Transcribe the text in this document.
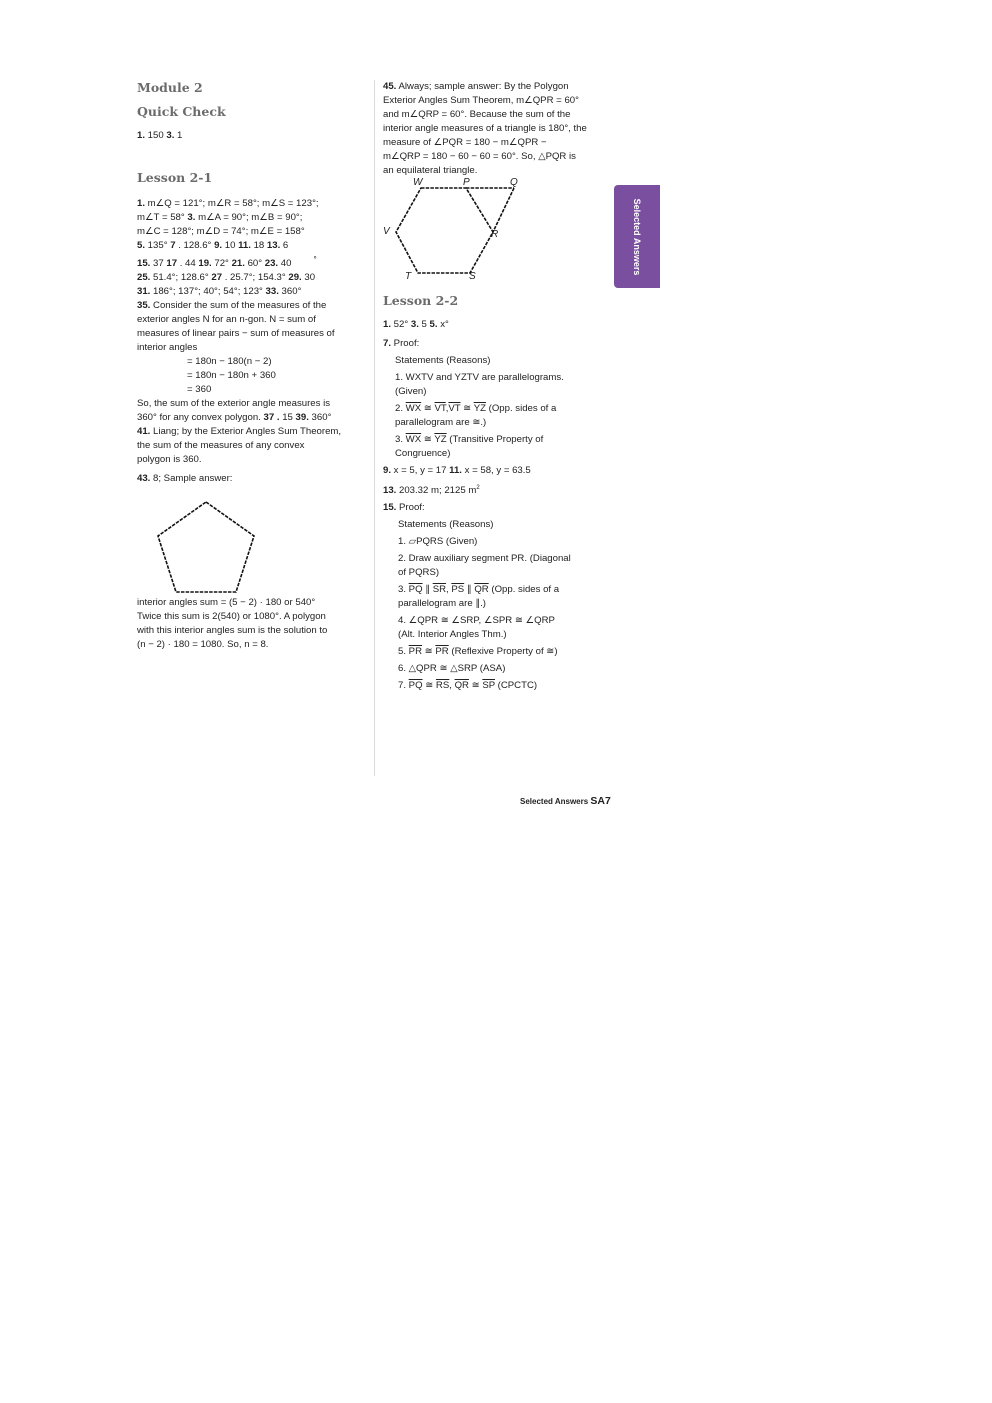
Module 2
Quick Check
1. 150 3. 1
Lesson 2-1
1. m∠Q = 121°; m∠R = 58°; m∠S = 123°;
m∠T = 58° 3. m∠A = 90°; m∠B = 90°;
m∠C = 128°; m∠D = 74°; m∠E = 158°
5. 135° 7 . 128.6° 9. 10 11. 18 13. 6
15. 37 17 . 44 19. 72° 21. 60° 23. 40	°
25. 51.4°; 128.6° 27 . 25.7°; 154.3° 29. 30
31. 186°; 137°; 40°; 54°; 123° 33. 360°
35. Consider the sum of the measures of the
exterior angles N for an n-gon. N = sum of
measures of linear pairs − sum of measures of
interior angles
= 180n − 180(n − 2)
= 180n − 180n + 360
= 360
So, the sum of the exterior angle measures is
360° for any convex polygon. 37 . 15 39. 360°
41. Liang; by the Exterior Angles Sum Theorem,
the sum of the measures of any convex
polygon is 360.
43. 8; Sample answer:
interior angles sum = (5 − 2) · 180 or 540°
Twice this sum is 2(540) or 1080°. A polygon
with this interior angles sum is the solution to
(n − 2) · 180 = 1080. So, n = 8.
45. Always; sample answer: By the Polygon
Exterior Angles Sum Theorem, m∠QPR = 60°
and m∠QRP = 60°. Because the sum of the
interior angle measures of a triangle is 180°, the
measure of ∠PQR = 180 − m∠QPR −
m∠QRP = 180 − 60 − 60 = 60°. So, △PQR is
an equilateral triangle.
W	P	Q
V	R
T	S
Lesson 2-2
1. 52° 3. 5 5. x°
7. Proof:
Statements (Reasons)
1. WXTV and YZTV are parallelograms.
(Given)
2. $\overline{WX}$ ≅ $\overline{VT},\overline{VT}$ ≅ $\overline{YZ}$ (Opp. sides of a
parallelogram are ≅.)
3. $\overline{WX}$ ≅ $\overline{YZ}$ (Transitive Property of
Congruence)
9. x = 5, y = 17 11. x = 58, y = 63.5
13. 203.32 m; 2125 $m^2$
15. Proof:
Statements (Reasons)
1. ▱PQRS (Given)
2. Draw auxiliary segment PR. (Diagonal
of PQRS)
3. $\overline{PQ}$ ∥ $\overline{SR}$, $\overline{PS}$ ∥ $\overline{QR}$ (Opp. sides of a
parallelogram are ∥.)
4. ∠QPR ≅ ∠SRP, ∠SPR ≅ ∠QRP
(Alt. Interior Angles Thm.)
5. $\overline{PR}$ ≅ $\overline{PR}$ (Reflexive Property of ≅)
6. △QPR ≅ △SRP (ASA)
7. $\overline{PQ}$ ≅ $\overline{RS}$, $\overline{QR}$ ≅ $\overline{SP}$ (CPCTC)
Selected Answers
Selected Answers SA7
